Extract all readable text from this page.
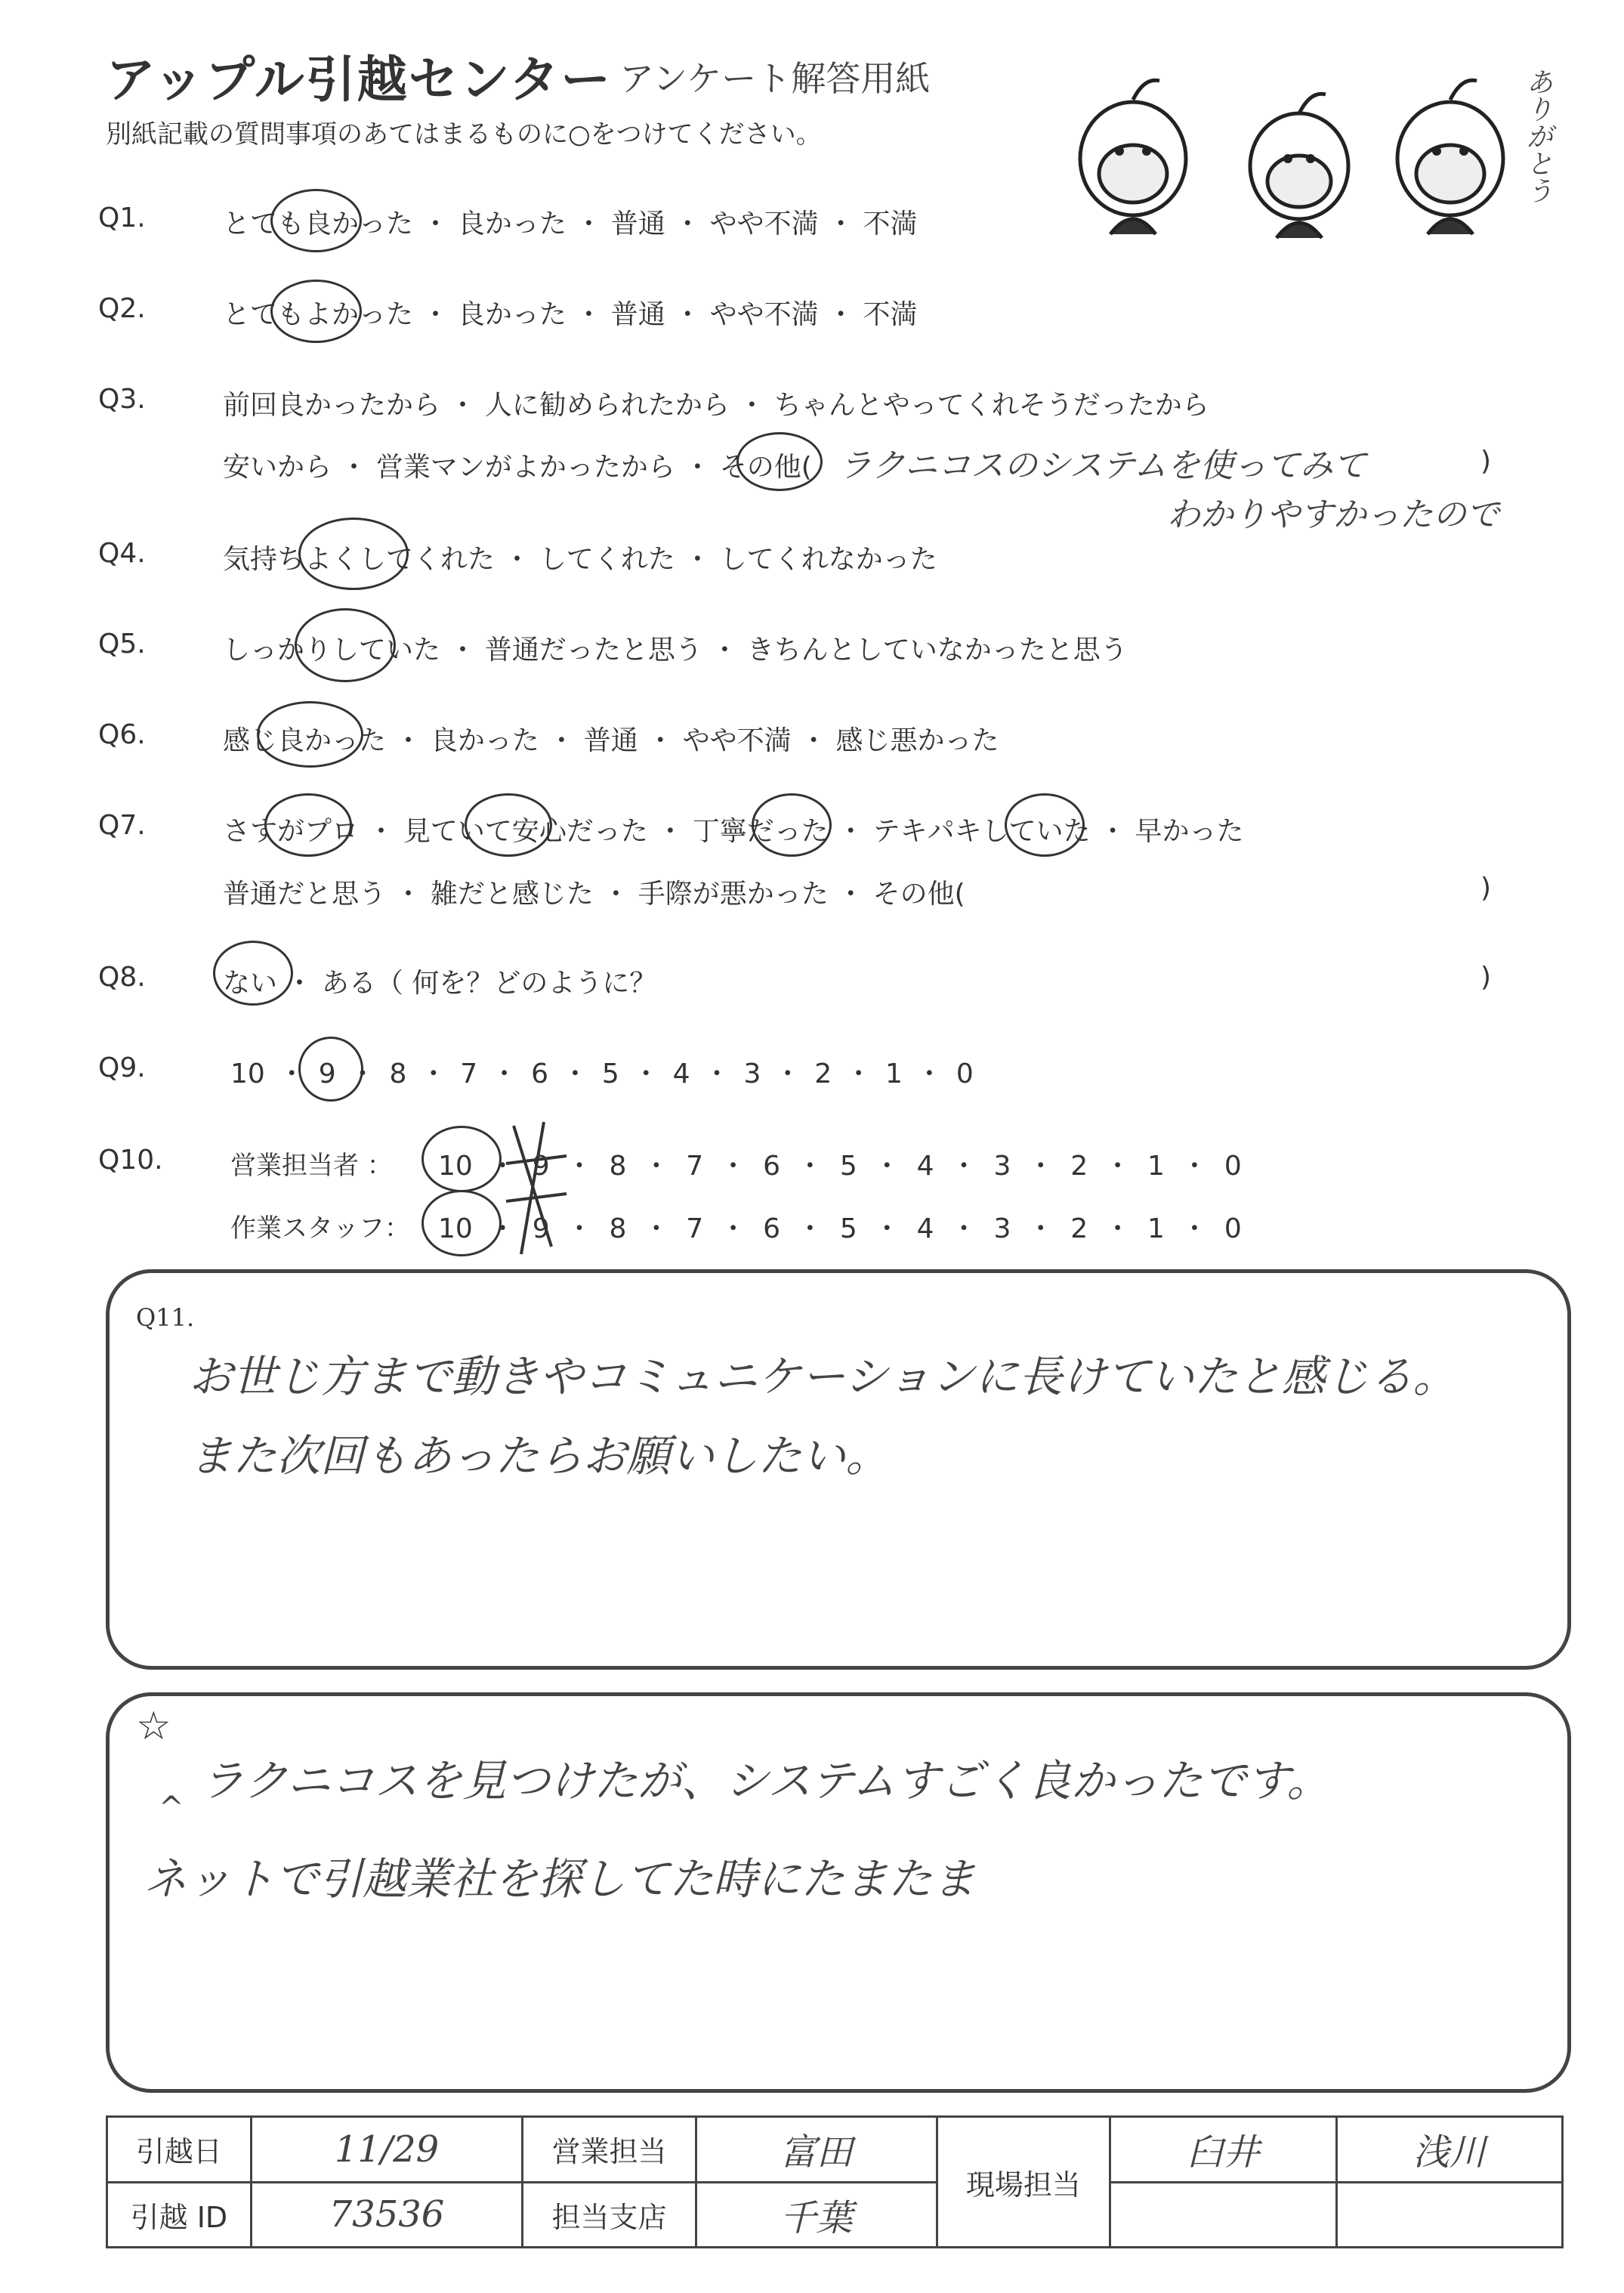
アップル引越センター アンケート解答用紙
別紙記載の質問事項のあてはまるものに○をつけてください。	ありがとう
Q1.	とても良かった ・ 良かった ・ 普通 ・ やや不満 ・ 不満
Q2.	とてもよかった ・ 良かった ・ 普通 ・ やや不満 ・ 不満
Q3.	前回良かったから ・ 人に勧められたから ・ ちゃんとやってくれそうだったから
安いから ・ 営業マンがよかったから ・ その他( ラクニコスのシステムを使ってみて	)
わかりやすかったので
Q4.	気持ちよくしてくれた ・ してくれた ・ してくれなかった
Q5.	しっかりしていた ・ 普通だったと思う ・ きちんとしていなかったと思う
Q6.	感じ良かった ・ 良かった ・ 普通 ・ やや不満 ・ 感じ悪かった
Q7.	さすがプロ ・ 見ていて安心だった ・ 丁寧だった ・ テキパキしていた ・ 早かった
普通だと思う ・ 雑だと感じた ・ 手際が悪かった ・ その他(	)
Q8.	ない ・ ある（ 何を？どのように？	)
Q9.	10 ・ 9 ・ 8 ・ 7 ・ 6 ・ 5 ・ 4 ・ 3 ・ 2 ・ 1 ・ 0
Q10.	営業担当者 ： 10 ・ 9 ・ 8 ・ 7 ・ 6 ・ 5 ・ 4 ・ 3 ・ 2 ・ 1 ・ 0
作業スタッフ： 10 ・ 9 ・ 8 ・ 7 ・ 6 ・ 5 ・ 4 ・ 3 ・ 2 ・ 1 ・ 0
Q11.
お世じ方まで動きやコミュニケーションに長けていたと感じる。
また次回もあったらお願いしたい。
☆
^
ラクニコスを見つけたが、システムすごく良かったです。
ネットで引越業社を探してた時にたまたま
引越日	11/29	営業担当	富田	現場担当	臼井	浅川
引越 ID	73536	担当支店	千葉			
